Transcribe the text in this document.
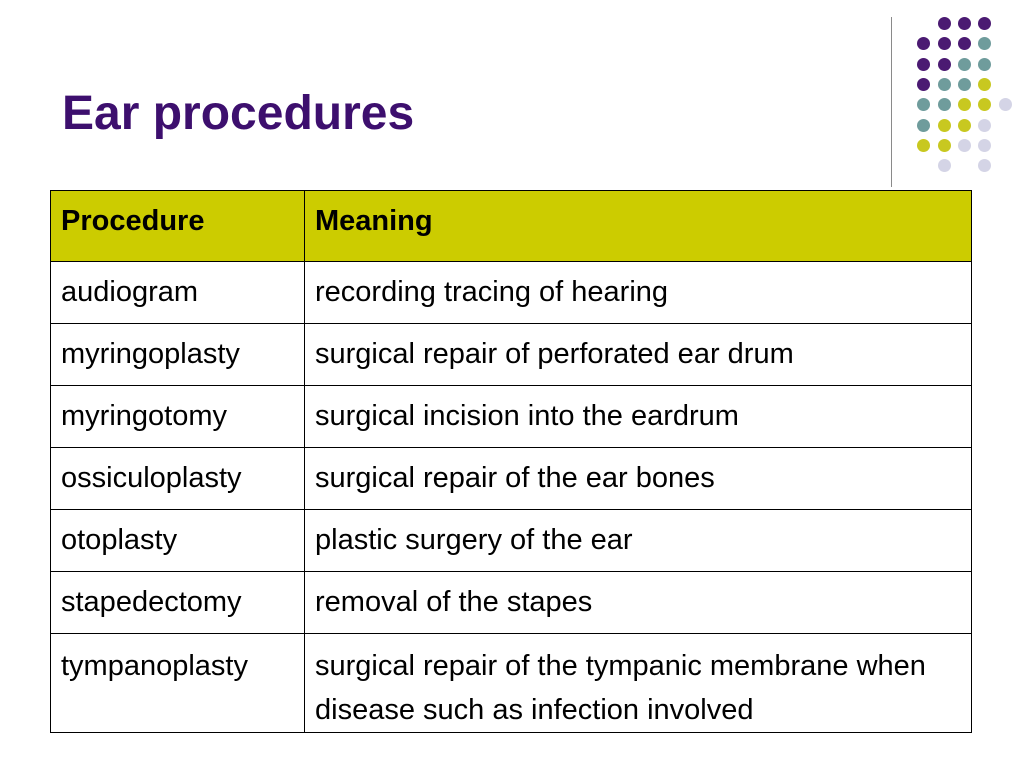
Ear procedures
Procedure	Meaning
audiogram	recording tracing of hearing
myringoplasty	surgical repair of perforated ear drum
myringotomy	surgical incision into the eardrum
ossiculoplasty	surgical repair of the ear bones
otoplasty	plastic surgery of the ear
stapedectomy	removal of the stapes
tympanoplasty	surgical repair of the tympanic membrane when disease such as infection involved
